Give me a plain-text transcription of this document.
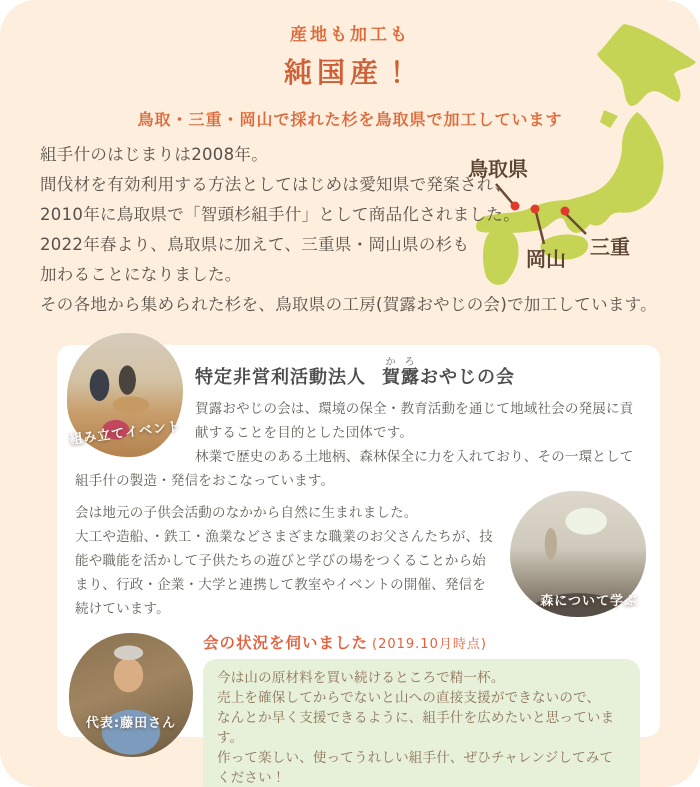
産地も加工も
純国産！
鳥取・三重・岡山で採れた杉を鳥取県で加工しています
鳥取県
岡山 三重
組手什のはじまりは2008年。
間伐材を有効利用する方法としてはじめは愛知県で発案され、
2010年に鳥取県で「智頭杉組手什」として商品化されました。
2022年春より、鳥取県に加えて、三重県・岡山県の杉も
加わることになりました。
その各地から集められた杉を、鳥取県の工房(賀露おやじの会)で加工しています。
組み立てイベント
特定非営利活動法人 賀露かろおやじの会

賀露おやじの会は、環境の保全・教育活動を通じて地域社会の発展に貢献することを目的とした団体です。
林業で歴史のある土地柄、森林保全に力を入れており、その一環として組手什の製造・発信をおこなっています。

森について学ぶ

会は地元の子供会活動のなかから自然に生まれました。
大工や造船、・鉄工・漁業などさまざまな職業のお父さんたちが、技能や職能を活かして子供たちの遊びと学びの場をつくることから始まり、行政・企業・大学と連携して教室やイベントの開催、発信を続けています。

代表:藤田さん
会の状況を伺いました (2019.10月時点)
今は山の原材料を買い続けるところで精一杯。
売上を確保してからでないと山への直接支援ができないので、
なんとか早く支援できるように、組手什を広めたいと思っています。
作って楽しい、使ってうれしい組手什、ぜひチャレンジしてみてください！
